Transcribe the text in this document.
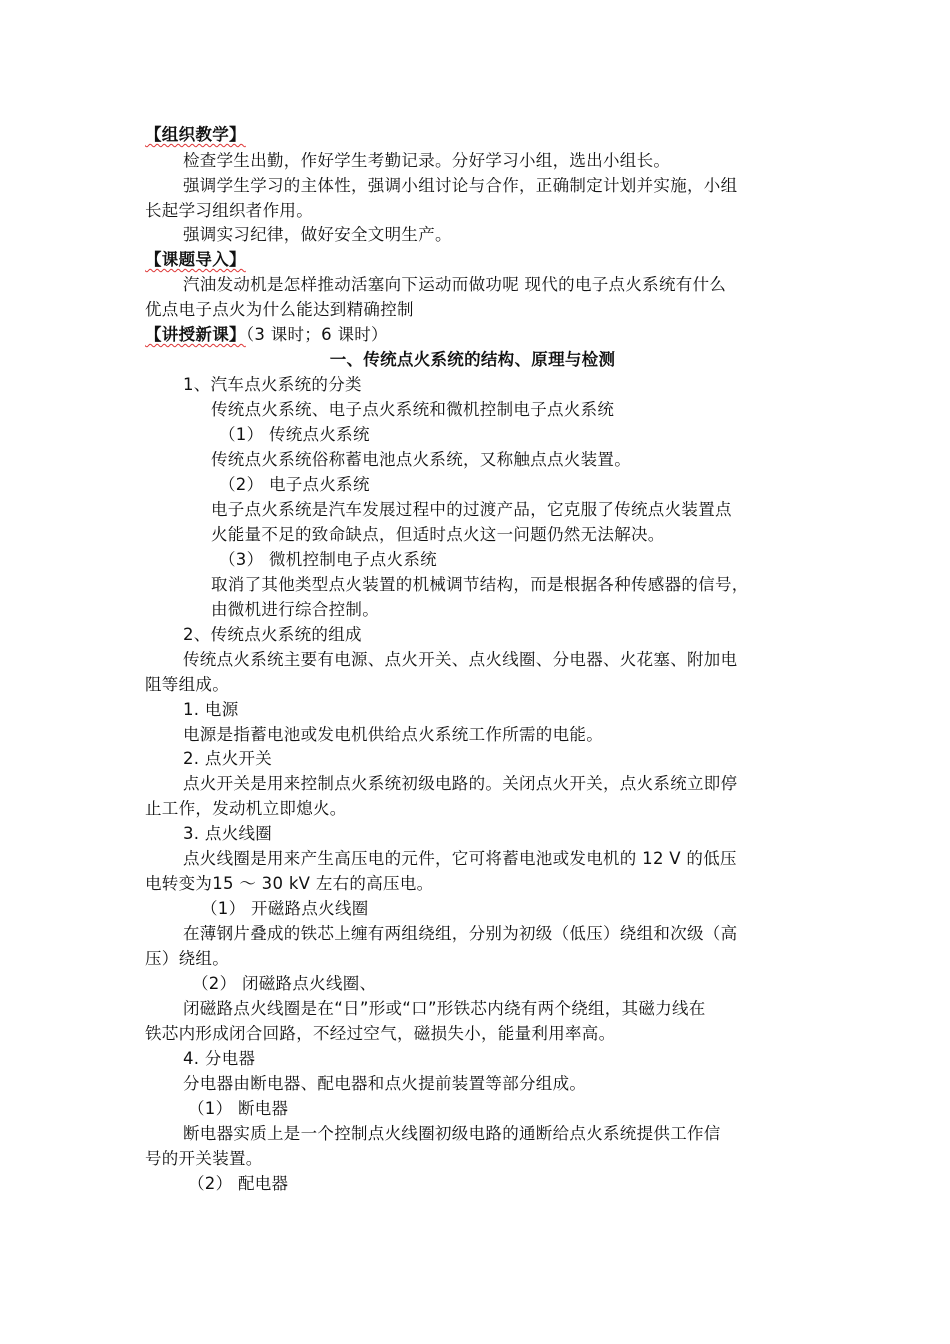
【组织教学】
检查学生出勤，作好学生考勤记录。分好学习小组，选出小组长。
强调学生学习的主体性，强调小组讨论与合作，正确制定计划并实施，小组
长起学习组织者作用。
强调实习纪律，做好安全文明生产。
【课题导入】
汽油发动机是怎样推动活塞向下运动而做功呢 现代的电子点火系统有什么
优点电子点火为什么能达到精确控制
【讲授新课】（3 课时；6 课时）
一、传统点火系统的结构、原理与检测
1、汽车点火系统的分类
传统点火系统、电子点火系统和微机控制电子点火系统
（1） 传统点火系统
传统点火系统俗称蓄电池点火系统，又称触点点火装置。
（2） 电子点火系统
电子点火系统是汽车发展过程中的过渡产品，它克服了传统点火装置点
火能量不足的致命缺点，但适时点火这一问题仍然无法解决。
（3） 微机控制电子点火系统
取消了其他类型点火装置的机械调节结构，而是根据各种传感器的信号，
由微机进行综合控制。
2、传统点火系统的组成
传统点火系统主要有电源、点火开关、点火线圈、分电器、火花塞、附加电
阻等组成。
1. 电源
电源是指蓄电池或发电机供给点火系统工作所需的电能。
2. 点火开关
点火开关是用来控制点火系统初级电路的。关闭点火开关，点火系统立即停
止工作，发动机立即熄火。
3. 点火线圈
点火线圈是用来产生高压电的元件，它可将蓄电池或发电机的 12 V 的低压
电转变为15 ～ 30 kV 左右的高压电。
（1） 开磁路点火线圈
在薄钢片叠成的铁芯上缠有两组绕组，分别为初级（低压）绕组和次级（高
压）绕组。
（2） 闭磁路点火线圈、
闭磁路点火线圈是在“日”形或“口”形铁芯内绕有两个绕组，其磁力线在
铁芯内形成闭合回路，不经过空气，磁损失小，能量利用率高。
4. 分电器
分电器由断电器、配电器和点火提前装置等部分组成。
（1） 断电器
断电器实质上是一个控制点火线圈初级电路的通断给点火系统提供工作信
号的开关装置。
（2） 配电器
